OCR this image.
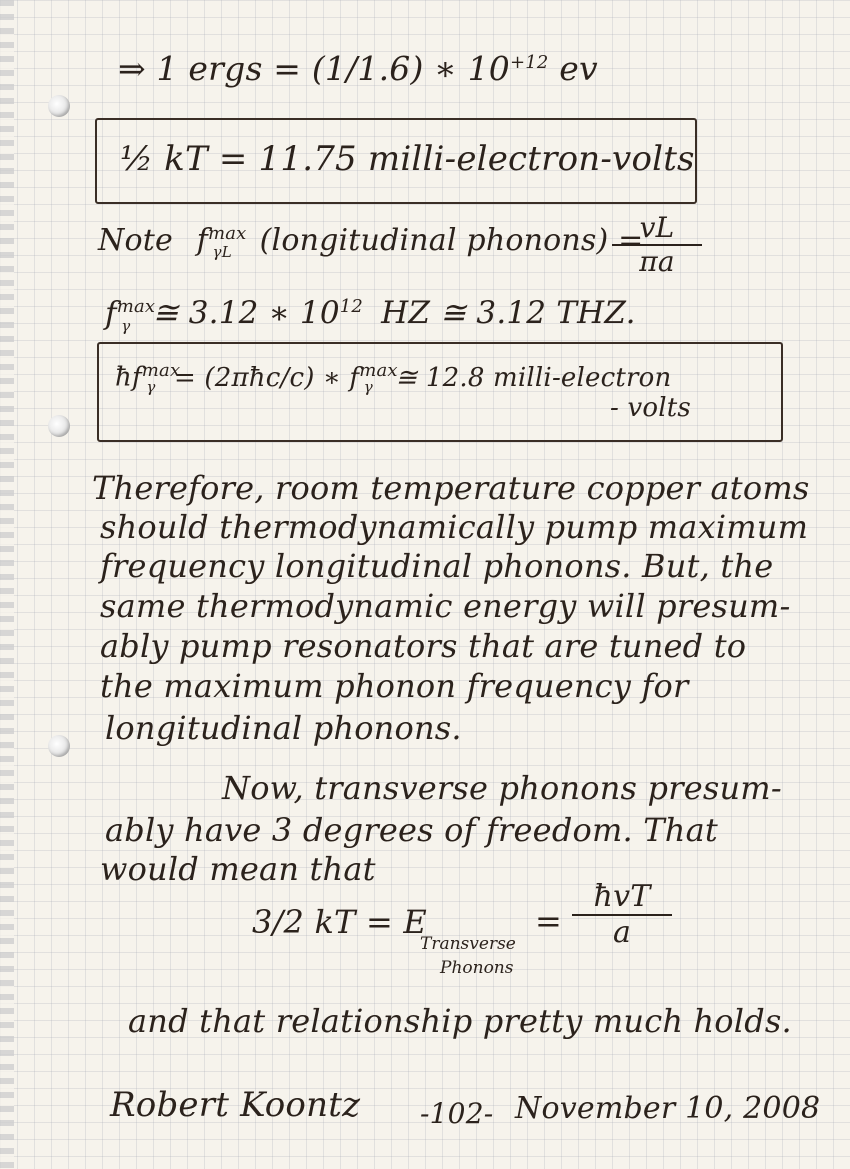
⇒ 1 ergs = (1/1.6) ∗ $10^{+12}$ ev
½ kT = 11.75 milli-electron-volts
Note $f^{max}_{\gamma L}$ (longitudinal phonons) =
$\frac{vL}{\pi a}$
$f^{max}_\gamma$ ≅ 3.12 ∗ $10^{12}$ HZ ≅ 3.12 THZ.
$ħf^{max}_\gamma$ = (2πħc/c) ∗ $f^{max}_\gamma$ ≅ 12.8 milli-electron
- volts
Therefore, room temperature copper atoms
should thermodynamically pump maximum
frequency longitudinal phonons. But, the
same thermodynamic energy will presum-
ably pump resonators that are tuned to
the maximum phonon frequency for
longitudinal phonons.
Now, transverse phonons presum-
ably have 3 degrees of freedom. That
would mean that
3/2 kT = E
Transverse
Phonons
=
ħvT
a
and that relationship pretty much holds.
Robert Koontz -102- November 10, 2008
